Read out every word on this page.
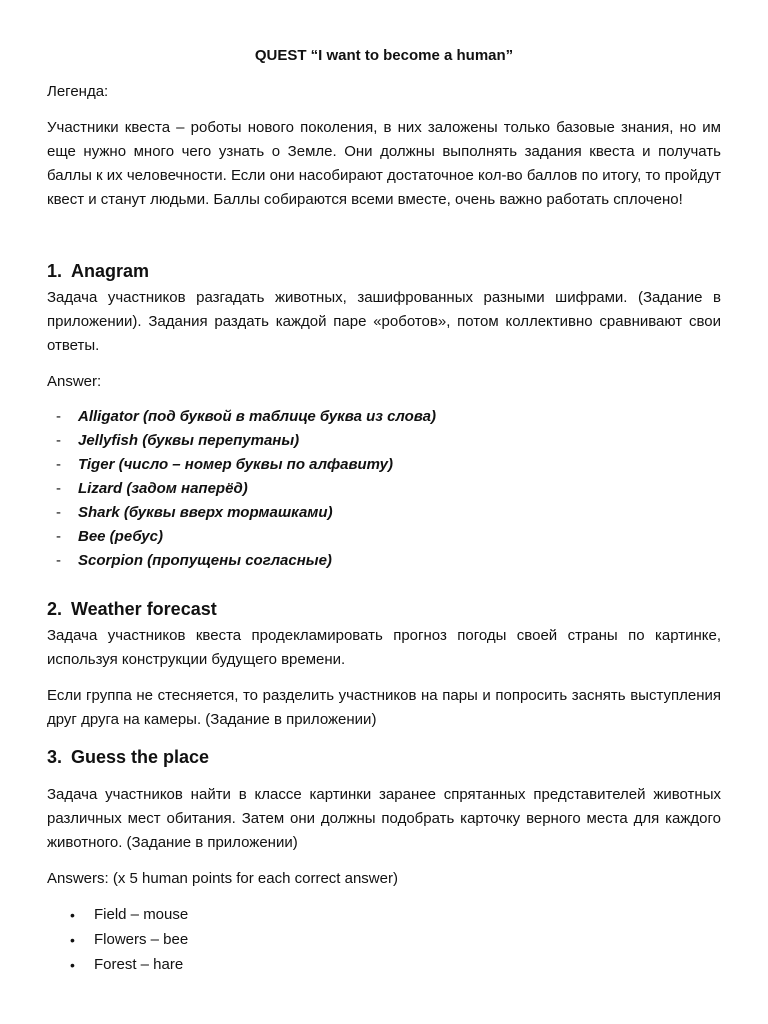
QUEST “I want to become a human”
Легенда:
Участники квеста – роботы нового поколения, в них заложены только базовые знания, но им еще нужно много чего узнать о Земле. Они должны выполнять задания квеста и получать баллы к их человечности. Если они насобирают достаточное кол-во баллов по итогу, то пройдут квест и станут людьми. Баллы собираются всеми вместе, очень важно работать сплочено!
1. Anagram
Задача участников разгадать животных, зашифрованных разными шифрами. (Задание в приложении). Задания раздать каждой паре «роботов», потом коллективно сравнивают свои ответы.
Answer:
- Alligator (под буквой в таблице буква из слова)
- Jellyfish (буквы перепутаны)
- Tiger (число – номер буквы по алфавиту)
- Lizard (задом наперёд)
- Shark (буквы вверх тормашками)
- Bee (ребус)
- Scorpion (пропущены согласные)
2. Weather forecast
Задача участников квеста продекламировать прогноз погоды своей страны по картинке, используя конструкции будущего времени.
Если группа не стесняется, то разделить участников на пары и попросить заснять выступления друг друга на камеры. (Задание в приложении)
3. Guess the place
Задача участников найти в классе картинки заранее спрятанных представителей животных различных мест обитания. Затем они должны подобрать карточку верного места для каждого животного. (Задание в приложении)
Answers: (x 5 human points for each correct answer)
• Field – mouse
• Flowers – bee
• Forest – hare
